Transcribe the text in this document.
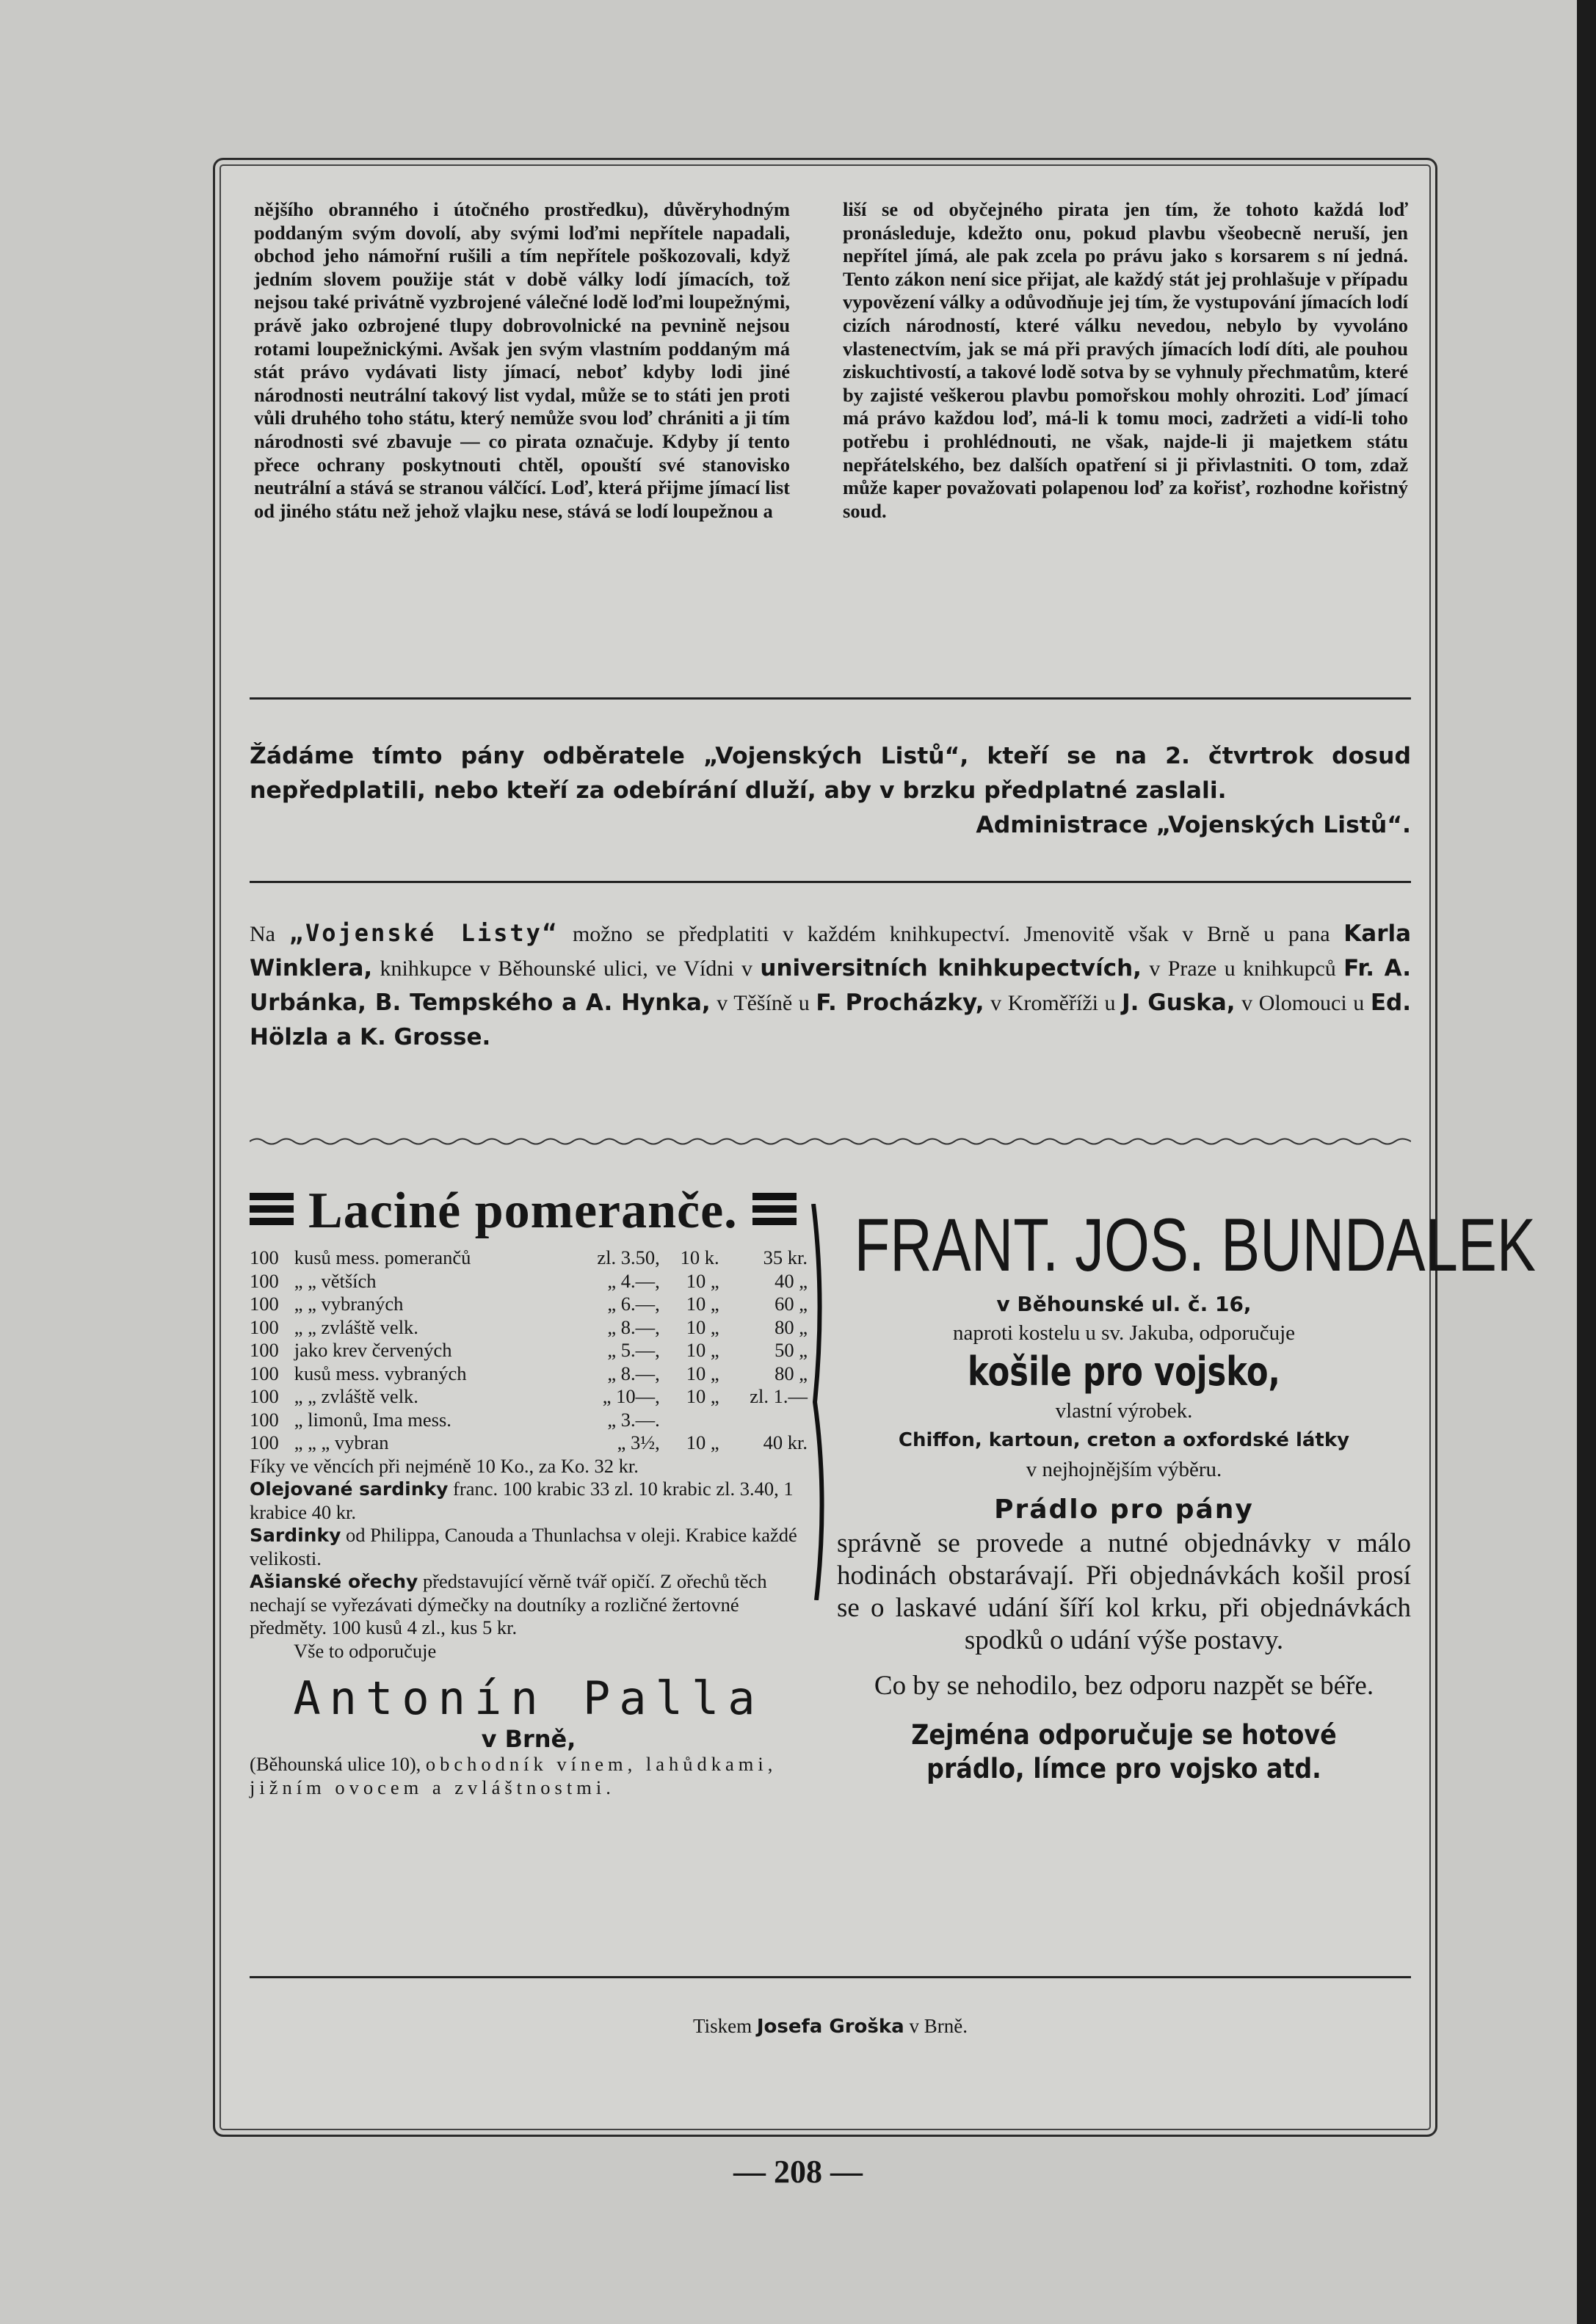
nějšího obranného i útočného prostředku), důvěryhodným poddaným svým dovolí, aby svými loďmi nepřítele napadali, obchod jeho námořní rušili a tím nepřítele poškozovali, když jedním slovem použije stát v době války lodí jímacích, tož nejsou také privátně vyzbrojené válečné lodě loďmi loupežnými, právě jako ozbrojené tlupy dobrovolnické na pevnině nejsou rotami loupežnickými. Avšak jen svým vlastním poddaným má stát právo vydávati listy jímací, neboť kdyby lodi jiné národnosti neutrální takový list vydal, může se to státi jen proti vůli druhého toho státu, který nemůže svou loď chrániti a ji tím národnosti své zbavuje — co pirata označuje. Kdyby jí tento přece ochrany poskytnouti chtěl, opouští své stanovisko neutrální a stává se stranou válčící. Loď, která přijme jímací list od jiného státu než jehož vlajku nese, stává se lodí loupežnou a

liší se od obyčejného pirata jen tím, že tohoto každá loď pronásleduje, kdežto onu, pokud plavbu všeobecně neruší, jen nepřítel jímá, ale pak zcela po právu jako s korsarem s ní jedná. Tento zákon není sice přijat, ale každý stát jej prohlašuje v případu vypovězení války a odůvodňuje jej tím, že vystupování jímacích lodí cizích národností, které válku nevedou, nebylo by vyvoláno vlastenectvím, jak se má při pravých jímacích lodí díti, ale pouhou ziskuchtivostí, a takové lodě sotva by se vyhnuly přechmatům, které by zajisté veškerou plavbu pomořskou mohly ohroziti. Loď jímací má právo každou loď, má-li k tomu moci, zadržeti a vidí-li toho potřebu i prohlédnouti, ne však, najde-li ji majetkem státu nepřátelského, bez dalších opatření si ji přivlastniti. O tom, zdaž může kaper považovati polapenou loď za kořisť, rozhodne kořistný soud.

Žádáme tímto pány odběratele „Vojenských Listů“, kteří se na 2. čtvrtrok dosud nepředplatili, nebo kteří za odebírání dluží, aby v brzku předplatné zaslali.
Administrace „Vojenských Listů“.
Na „Vojenské Listy“ možno se předplatiti v každém knihkupectví. Jmenovitě však v Brně u pana Karla Winklera, knihkupce v Běhounské ulici, ve Vídni v universitních knihkupectvích, v Praze u knihkupců Fr. A. Urbánka, B. Tempského a A. Hynka, v Těšíně u F. Procházky, v Kroměříži u J. Guska, v Olomouci u Ed. Hölzla a K. Grosse.
Laciné pomeranče.
100	kusů mess. pomerančů	zl. 3.50,	10 k.	35 kr.
100	„ „ větších	„ 4.—,	10 „	40 „
100	„ „ vybraných	„ 6.—,	10 „	60 „
100	„ „ zvláště velk.	„ 8.—,	10 „	80 „
100	jako krev červených	„ 5.—,	10 „	50 „
100	kusů mess. vybraných	„ 8.—,	10 „	80 „
100	„ „ zvláště velk.	„ 10—,	10 „	zl. 1.—
100	„ limonů, Ima mess.	„ 3.—.		
100	„ „ „ vybran	„ 3½,	10 „	40 kr.
Fíky ve věncích při nejméně 10 Ko., za Ko. 32 kr.
Olejované sardinky franc. 100 krabic 33 zl. 10 krabic zl. 3.40, 1 krabice 40 kr.
Sardinky od Philippa, Canouda a Thunlachsa v oleji. Krabice každé velikosti.
Ašianské ořechy představující věrně tvář opičí. Z ořechů těch nechají se vyřezávati dýmečky na doutníky a rozličné žertovné předměty. 100 kusů 4 zl., kus 5 kr.
Vše to odporučuje
Antonín Palla
v Brně,
(Běhounská ulice 10), obchodník vínem, lahůdkami, jižním ovocem a zvláštnostmi.
FRANT. JOS. BUNDALEK
v Běhounské ul. č. 16,
naproti kostelu u sv. Jakuba, odporučuje
košile pro vojsko,
vlastní výrobek.
Chiffon, kartoun, creton a oxfordské látky
v nejhojnějším výběru.
Prádlo pro pány
správně se provede a nutné objednávky v málo hodinách obstarávají. Při objednávkách košil prosí se o laskavé udání šíří kol krku, při objednávkách spodků o udání výše postavy.
Co by se nehodilo, bez odporu nazpět se béře.
Zejména odporučuje se hotové prádlo, límce pro vojsko atd.
Tiskem Josefa Groška v Brně.
— 208 —
